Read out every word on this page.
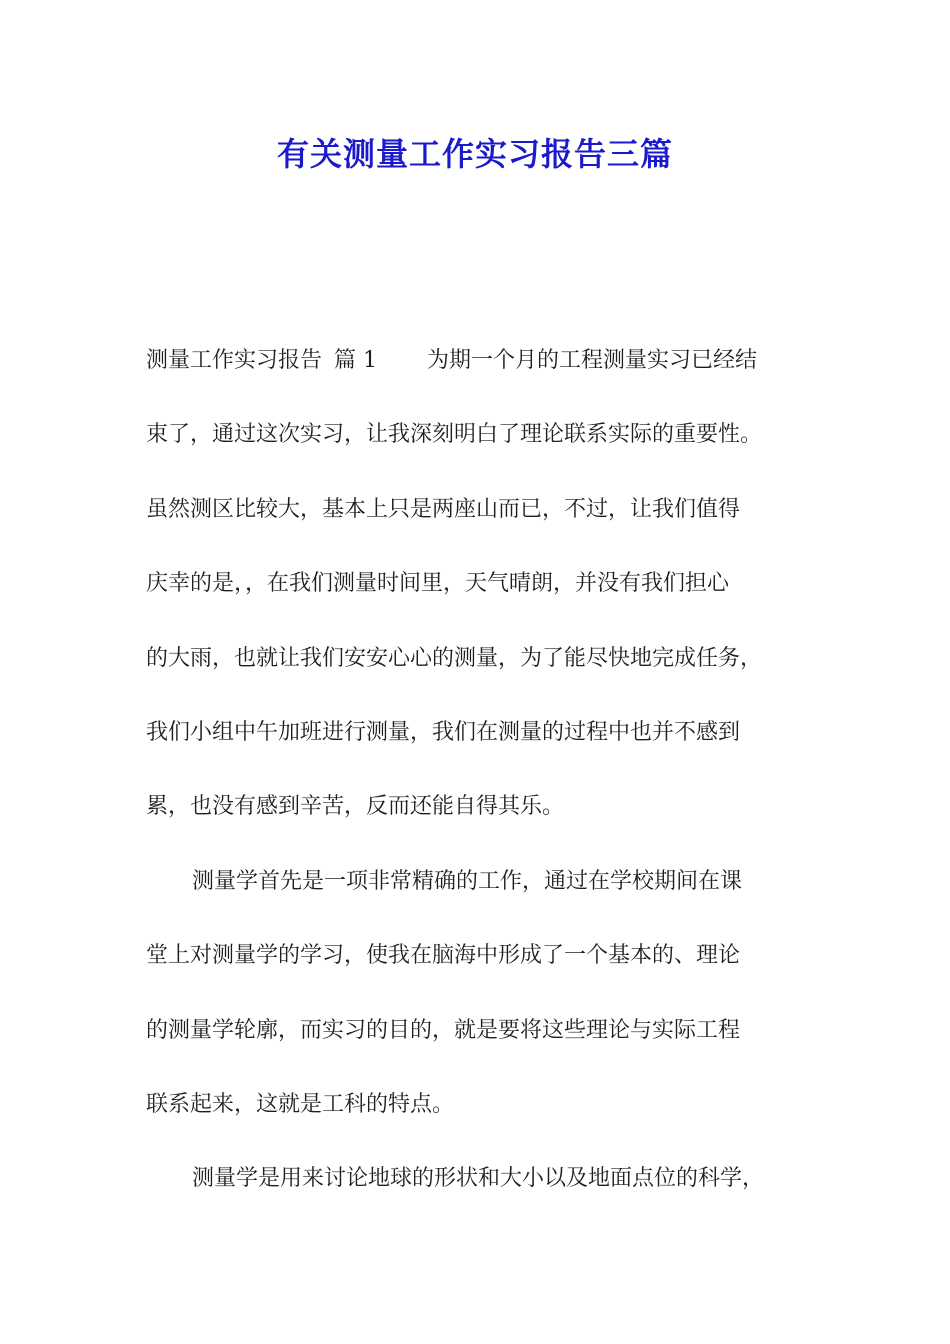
有关测量工作实习报告三篇
测量工作实习报告 篇 1 为期一个月的工程测量实习已经结
束了，通过这次实习，让我深刻明白了理论联系实际的重要性。
虽然测区比较大，基本上只是两座山而已，不过，让我们值得
庆幸的是，，在我们测量时间里，天气晴朗，并没有我们担心
的大雨，也就让我们安安心心的测量，为了能尽快地完成任务，
我们小组中午加班进行测量，我们在测量的过程中也并不感到
累，也没有感到辛苦，反而还能自得其乐。
测量学首先是一项非常精确的工作，通过在学校期间在课
堂上对测量学的学习，使我在脑海中形成了一个基本的、理论
的测量学轮廓，而实习的目的，就是要将这些理论与实际工程
联系起来，这就是工科的特点。
测量学是用来讨论地球的形状和大小以及地面点位的科学，
